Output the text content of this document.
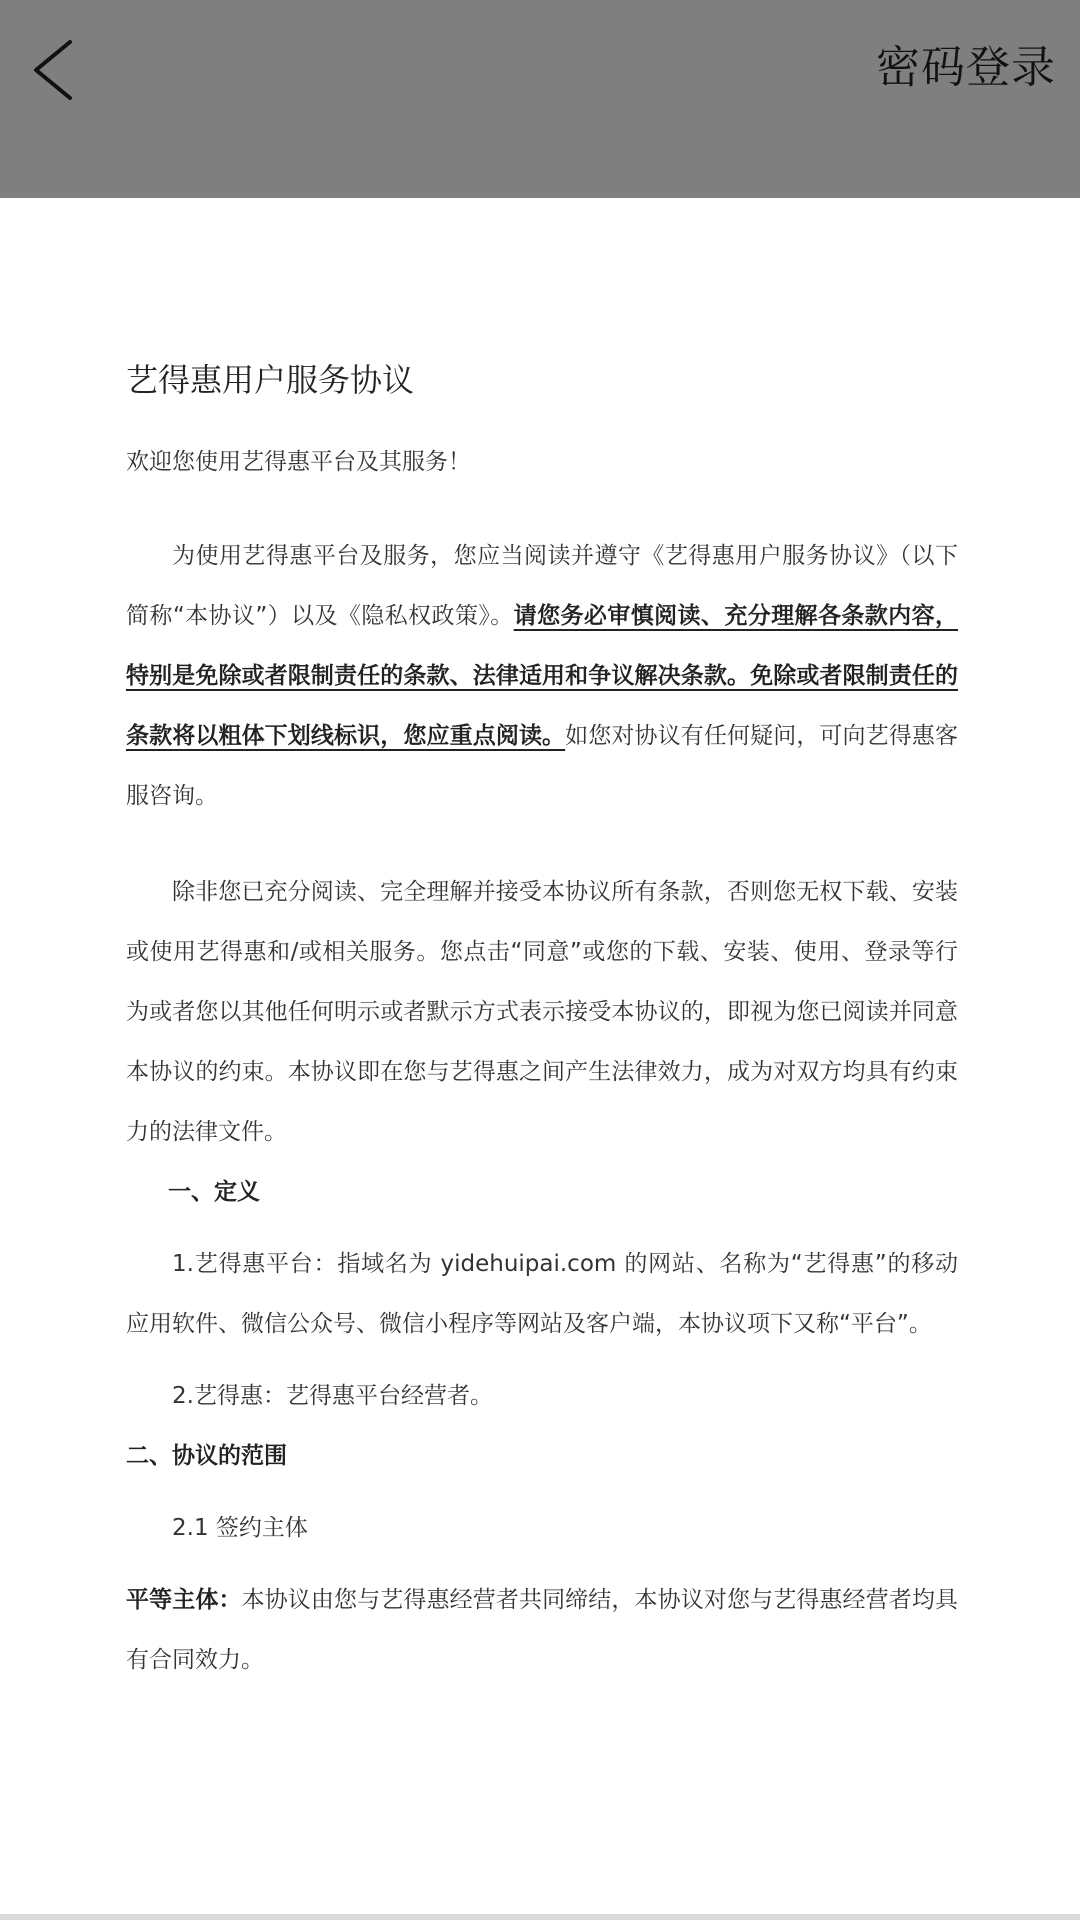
密码登录
艺得惠用户服务协议

欢迎您使用艺得惠平台及其服务！

为使用艺得惠平台及服务，您应当阅读并遵守《艺得惠用户服务协议》（以下简称“本协议”）以及《隐私权政策》。请您务必审慎阅读、充分理解各条款内容，特别是免除或者限制责任的条款、法律适用和争议解决条款。免除或者限制责任的条款将以粗体下划线标识，您应重点阅读。如您对协议有任何疑问，可向艺得惠客服咨询。

除非您已充分阅读、完全理解并接受本协议所有条款，否则您无权下载、安装或使用艺得惠和/或相关服务。您点击“同意”或您的下载、安装、使用、登录等行为或者您以其他任何明示或者默示方式表示接受本协议的，即视为您已阅读并同意本协议的约束。本协议即在您与艺得惠之间产生法律效力，成为对双方均具有约束力的法律文件。

一、定义

1.艺得惠平台：指域名为 yidehuipai.com 的网站、名称为“艺得惠”的移动应用软件、微信公众号、微信小程序等网站及客户端，本协议项下又称“平台”。

2.艺得惠：艺得惠平台经营者。

二、协议的范围

2.1 签约主体

平等主体：本协议由您与艺得惠经营者共同缔结，本协议对您与艺得惠经营者均具有合同效力。
